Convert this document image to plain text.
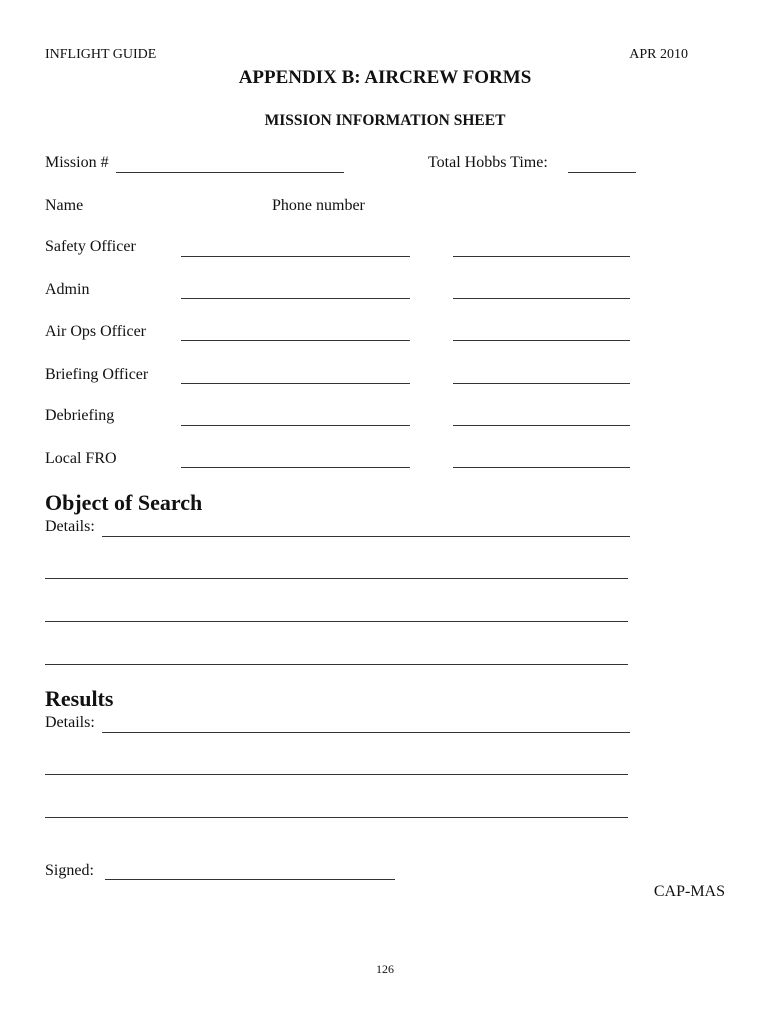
INFLIGHT GUIDE	APR 2010
APPENDIX B: AIRCREW FORMS
MISSION INFORMATION SHEET
Mission #	Total Hobbs Time:
Name	Phone number
Safety Officer
Admin
Air Ops Officer
Briefing Officer
Debriefing
Local FRO
Object of Search
Details:
Results
Details:
Signed:
CAP-MAS
126
